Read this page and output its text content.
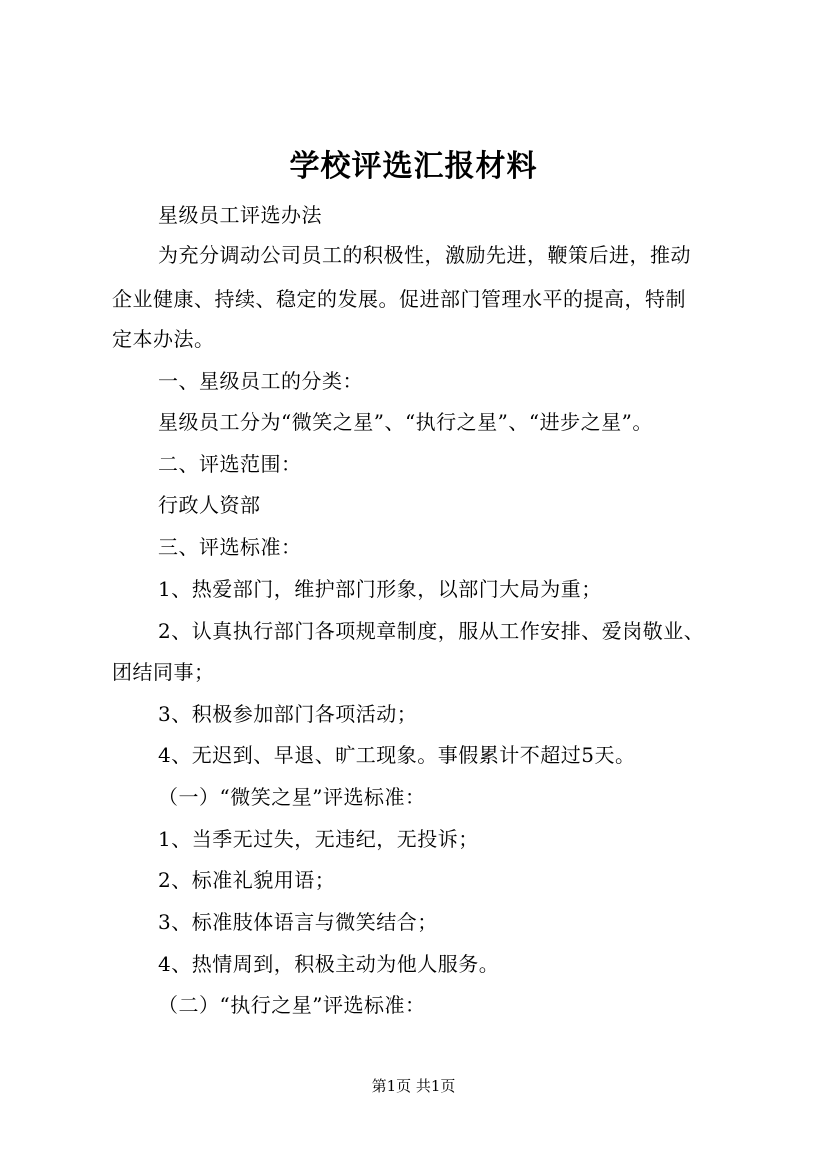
学校评选汇报材料
星级员工评选办法
为充分调动公司员工的积极性，激励先进，鞭策后进，推动
企业健康、持续、稳定的发展。促进部门管理水平的提高，特制
定本办法。
一、星级员工的分类：
星级员工分为“微笑之星”、“执行之星”、“进步之星”。
二、评选范围：
行政人资部
三、评选标准：
1、热爱部门，维护部门形象，以部门大局为重；
2、认真执行部门各项规章制度，服从工作安排、爱岗敬业、
团结同事；
3、积极参加部门各项活动；
4、无迟到、早退、旷工现象。事假累计不超过5天。
（一）“微笑之星”评选标准：
1、当季无过失，无违纪，无投诉；
2、标准礼貌用语；
3、标准肢体语言与微笑结合；
4、热情周到，积极主动为他人服务。
（二）“执行之星”评选标准：
第1页 共1页
